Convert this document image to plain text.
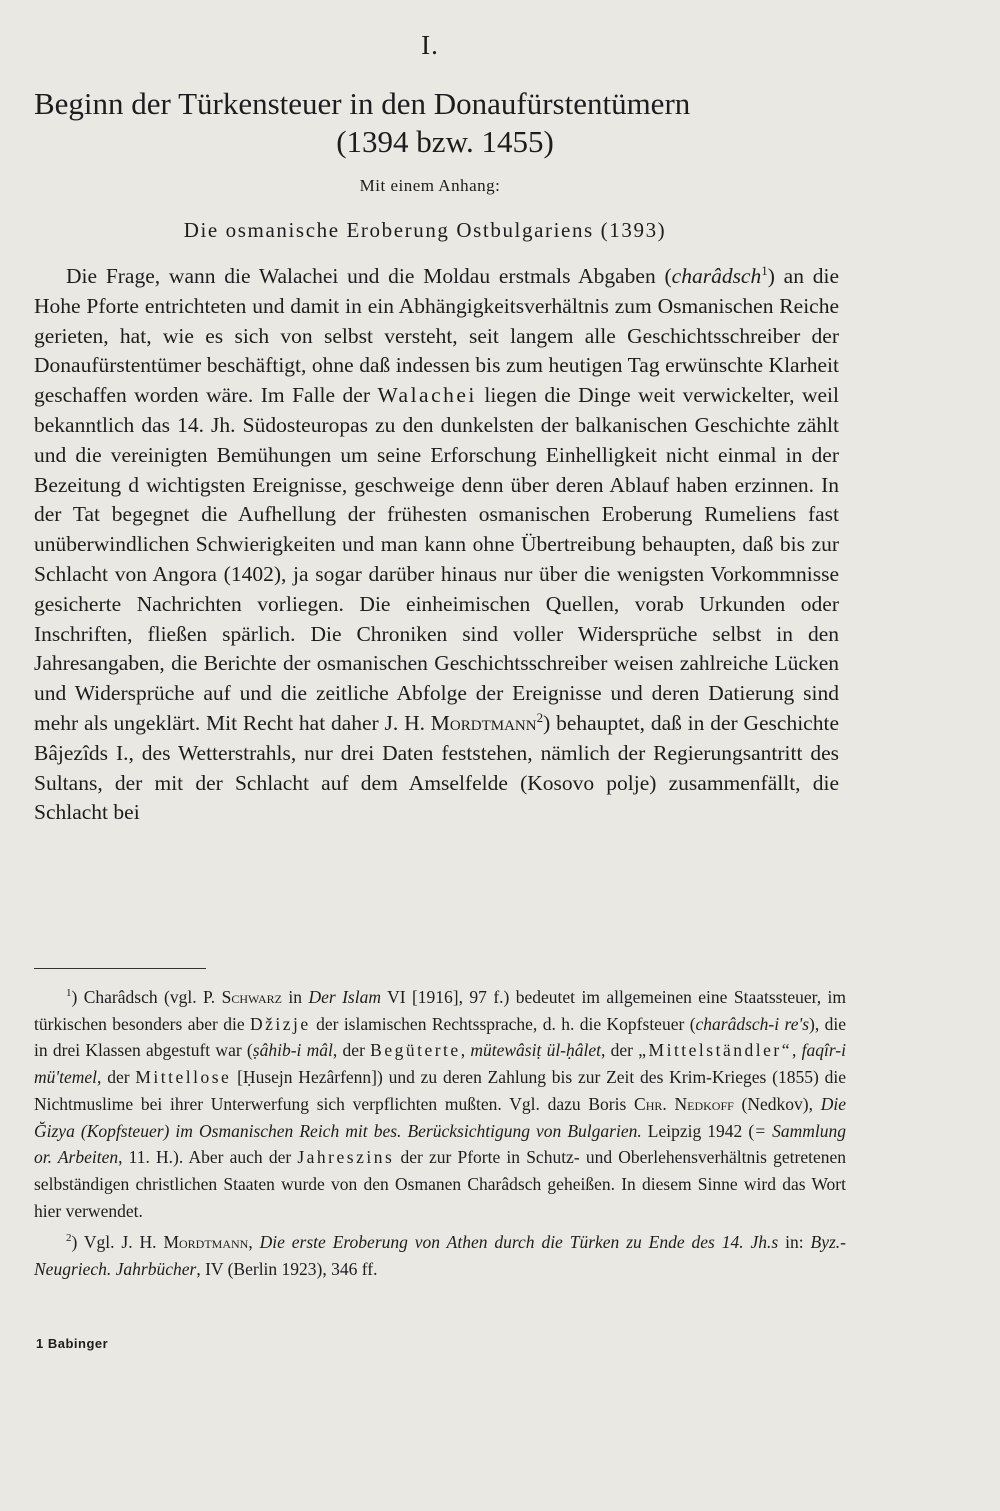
I.
Beginn der Türkensteuer in den Donaufürstentümern
(1394 bzw. 1455)
Mit einem Anhang:
Die osmanische Eroberung Ostbulgariens (1393)

Die Frage, wann die Walachei und die Moldau erstmals Abgaben (charâdsch$^1$) an die Hohe Pforte entrichteten und damit in ein Abhängigkeitsverhältnis zum Osmanischen Reiche gerieten, hat, wie es sich von selbst versteht, seit langem alle Geschichtsschreiber der Donaufürstentümer beschäftigt, ohne daß indessen bis zum heutigen Tag erwünschte Klarheit geschaffen worden wäre. Im Falle der Walachei liegen die Dinge weit verwickelter, weil bekanntlich das 14. Jh. Südosteuropas zu den dunkelsten der balkanischen Geschichte zählt und die vereinigten Bemühungen um seine Erforschung Einhelligkeit nicht einmal in der Bezeitung d wichtigsten Ereignisse, geschweige denn über deren Ablauf haben erzinnen. In der Tat begegnet die Aufhellung der frühesten osmanischen Eroberung Rumeliens fast unüberwindlichen Schwierigkeiten und man kann ohne Übertreibung behaupten, daß bis zur Schlacht von Angora (1402), ja sogar darüber hinaus nur über die wenigsten Vorkommnisse gesicherte Nachrichten vorliegen. Die einheimischen Quellen, vorab Urkunden oder Inschriften, fließen spärlich. Die Chroniken sind voller Widersprüche selbst in den Jahresangaben, die Berichte der osmanischen Geschichtsschreiber weisen zahlreiche Lücken und Widersprüche auf und die zeitliche Abfolge der Ereignisse und deren Datierung sind mehr als ungeklärt. Mit Recht hat daher J. H. Mordtmann$^2$) behauptet, daß in der Geschichte Bâjezîds I., des Wetterstrahls, nur drei Daten feststehen, nämlich der Regierungsantritt des Sultans, der mit der Schlacht auf dem Amselfelde (Kosovo polje) zusammenfällt, die Schlacht bei

$^1$) Charâdsch (vgl. P. Schwarz in Der Islam VI [1916], 97 f.) bedeutet im allgemeinen eine Staatssteuer, im türkischen besonders aber die Džizje der islamischen Rechtssprache, d. h. die Kopfsteuer (charâdsch-i re's), die in drei Klassen abgestuft war (ṣâhib-i mâl, der Begüterte, mütewâsiṭ ül-ḥâlet, der „Mittelständler“, faqîr-i mü'temel, der Mittellose [Ḥusejn Hezârfenn]) und zu deren Zahlung bis zur Zeit des Krim-Krieges (1855) die Nichtmuslime bei ihrer Unterwerfung sich verpflichten mußten. Vgl. dazu Boris Chr. Nedkoff (Nedkov), Die Ğizya (Kopfsteuer) im Osmanischen Reich mit bes. Berücksichtigung von Bulgarien. Leipzig 1942 (= Sammlung or. Arbeiten, 11. H.). Aber auch der Jahreszins der zur Pforte in Schutz- und Oberlehensverhältnis getretenen selbständigen christlichen Staaten wurde von den Osmanen Charâdsch geheißen. In diesem Sinne wird das Wort hier verwendet.

$^2$) Vgl. J. H. Mordtmann, Die erste Eroberung von Athen durch die Türken zu Ende des 14. Jh.s in: Byz.-Neugriech. Jahrbücher, IV (Berlin 1923), 346 ff.

1 Babinger
